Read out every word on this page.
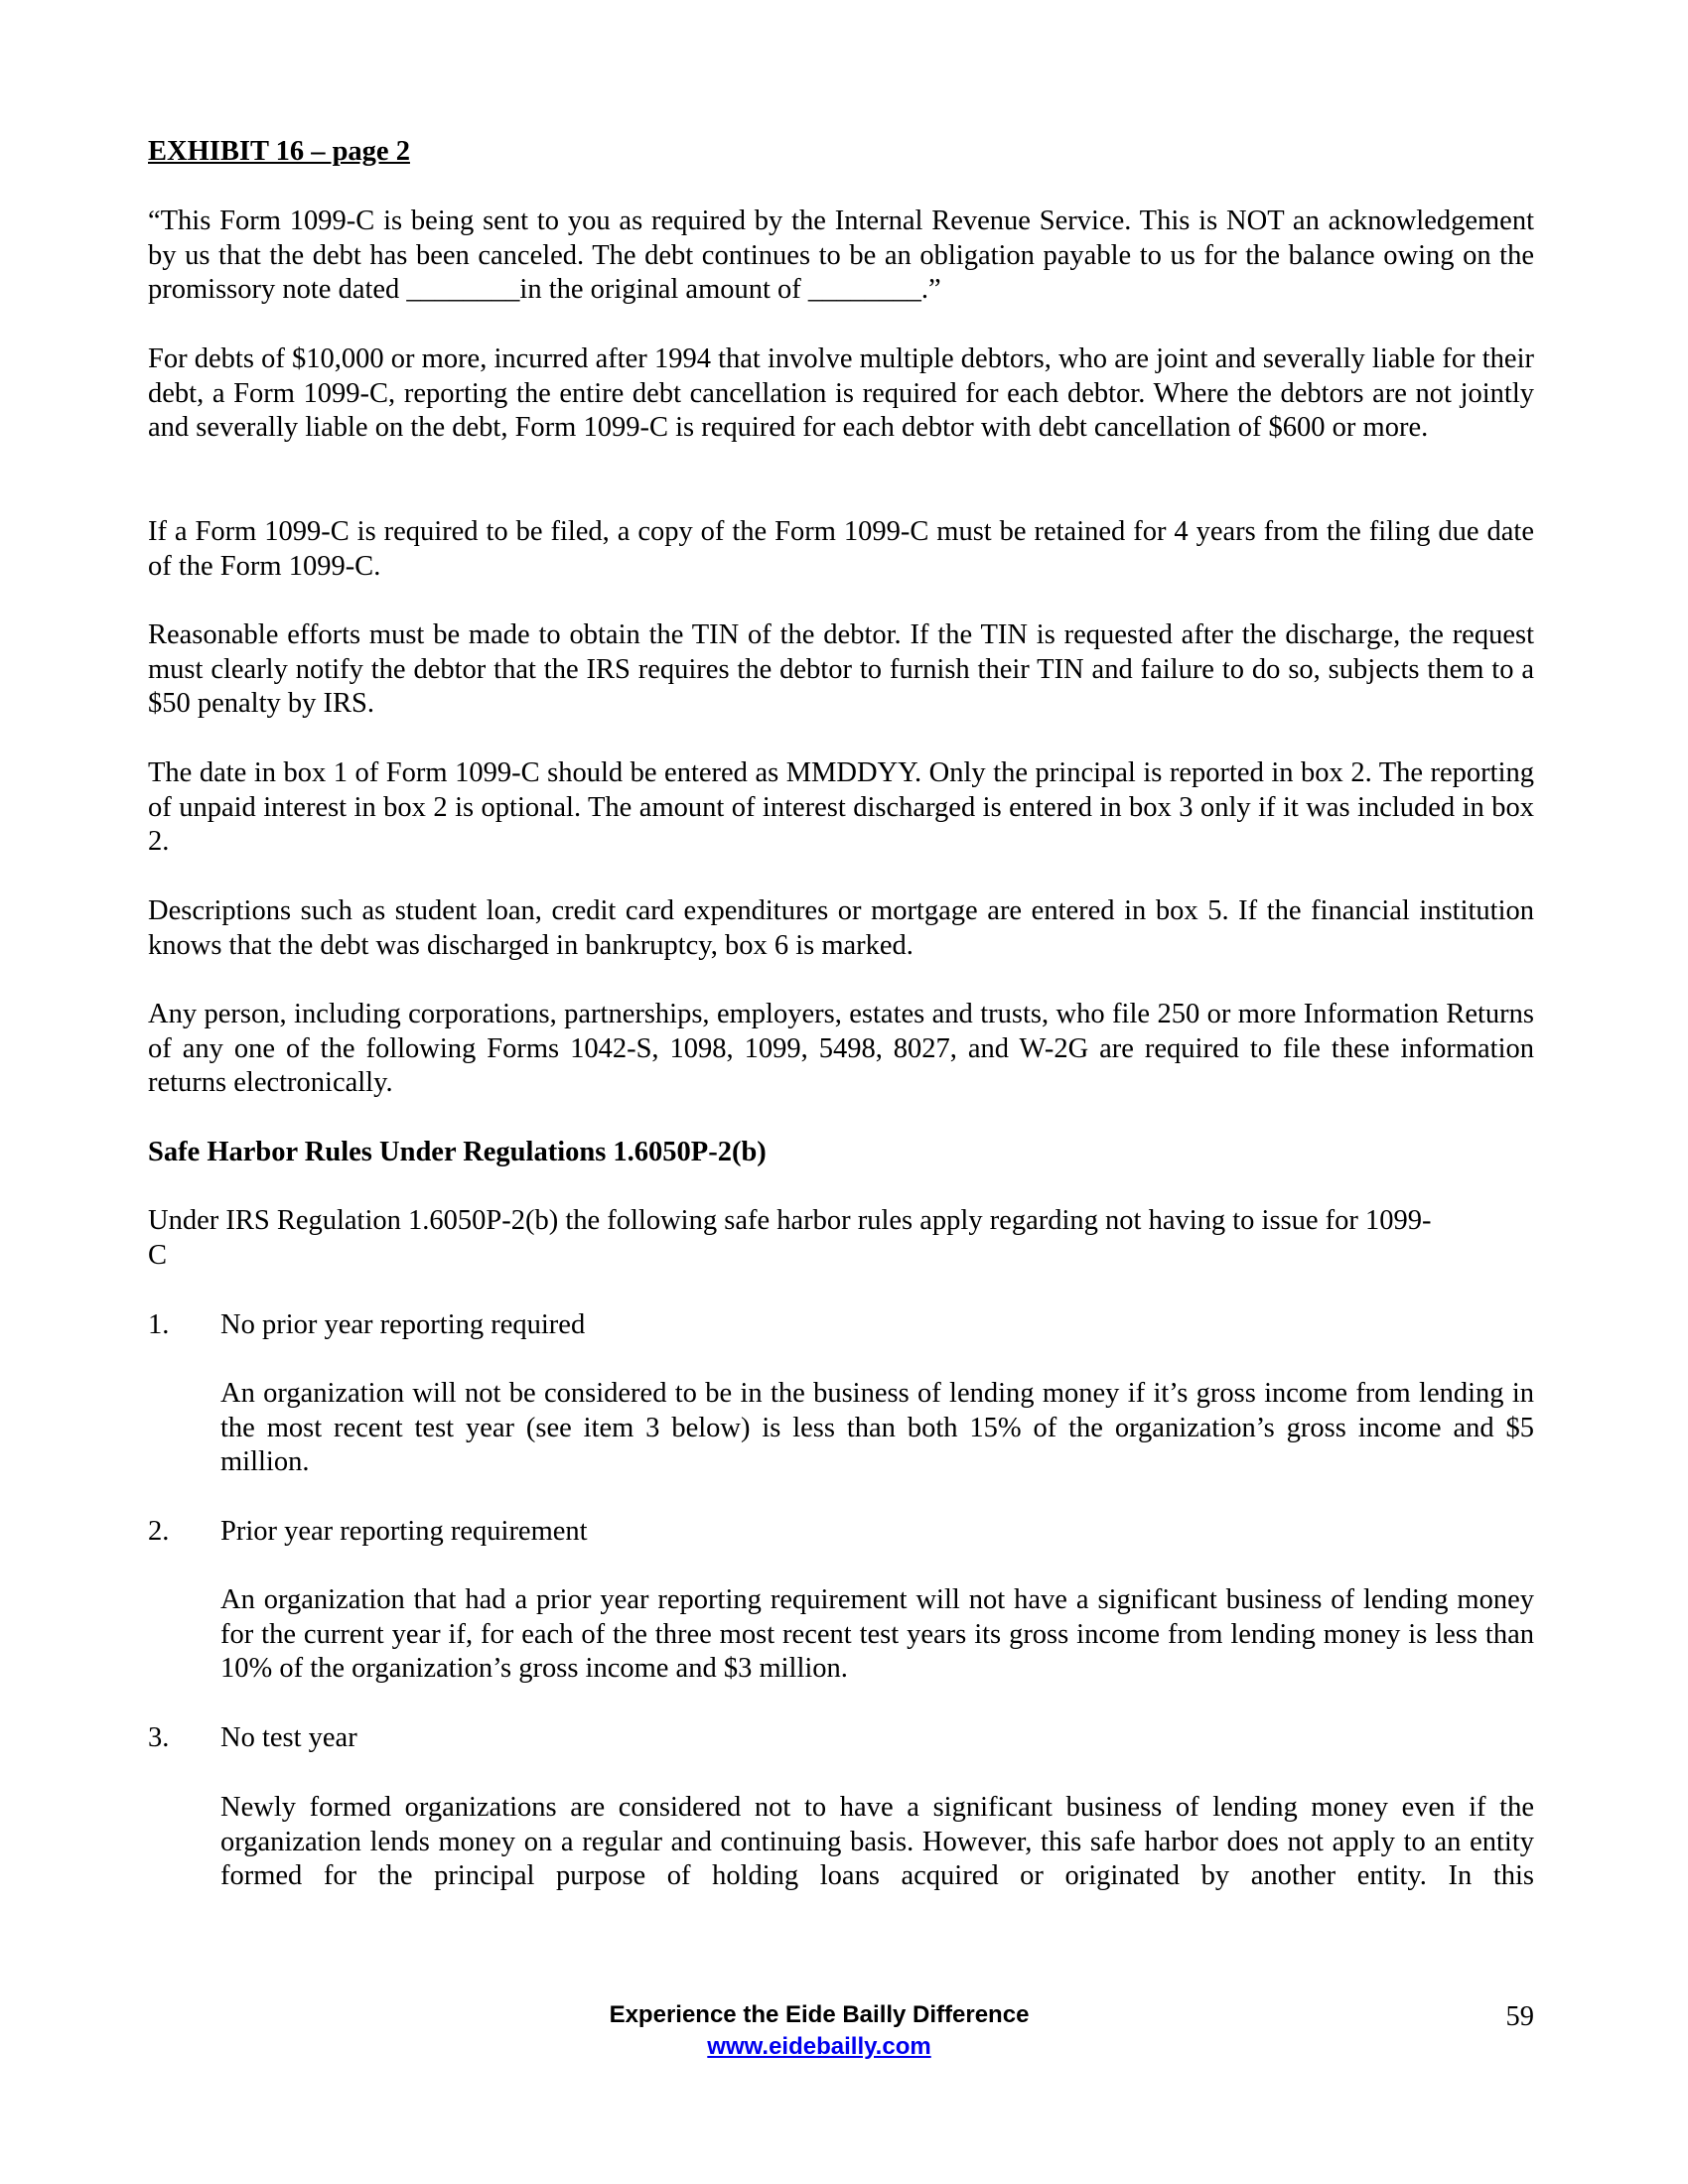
EXHIBIT 16 – page 2
“This Form 1099-C is being sent to you as required by the Internal Revenue Service. This is NOT an acknowledgement by us that the debt has been canceled. The debt continues to be an obligation payable to us for the balance owing on the promissory note dated ________in the original amount of ________.”
For debts of $10,000 or more, incurred after 1994 that involve multiple debtors, who are joint and severally liable for their debt, a Form 1099-C, reporting the entire debt cancellation is required for each debtor. Where the debtors are not jointly and severally liable on the debt, Form 1099-C is required for each debtor with debt cancellation of $600 or more.
If a Form 1099-C is required to be filed, a copy of the Form 1099-C must be retained for 4 years from the filing due date of the Form 1099-C.
Reasonable efforts must be made to obtain the TIN of the debtor. If the TIN is requested after the discharge, the request must clearly notify the debtor that the IRS requires the debtor to furnish their TIN and failure to do so, subjects them to a $50 penalty by IRS.
The date in box 1 of Form 1099-C should be entered as MMDDYY. Only the principal is reported in box 2. The reporting of unpaid interest in box 2 is optional. The amount of interest discharged is entered in box 3 only if it was included in box 2.
Descriptions such as student loan, credit card expenditures or mortgage are entered in box 5. If the financial institution knows that the debt was discharged in bankruptcy, box 6 is marked.
Any person, including corporations, partnerships, employers, estates and trusts, who file 250 or more Information Returns of any one of the following Forms 1042-S, 1098, 1099, 5498, 8027, and W-2G are required to file these information returns electronically.
Safe Harbor Rules Under Regulations 1.6050P-2(b)
Under IRS Regulation 1.6050P-2(b) the following safe harbor rules apply regarding not having to issue for 1099-C
1. No prior year reporting required
An organization will not be considered to be in the business of lending money if it’s gross income from lending in the most recent test year (see item 3 below) is less than both 15% of the organization’s gross income and $5 million.
2. Prior year reporting requirement
An organization that had a prior year reporting requirement will not have a significant business of lending money for the current year if, for each of the three most recent test years its gross income from lending money is less than 10% of the organization’s gross income and $3 million.
3. No test year
Newly formed organizations are considered not to have a significant business of lending money even if the organization lends money on a regular and continuing basis. However, this safe harbor does not apply to an entity formed for the principal purpose of holding loans acquired or originated by another entity. In this
Experience the Eide Bailly Difference
www.eidebailly.com
59
